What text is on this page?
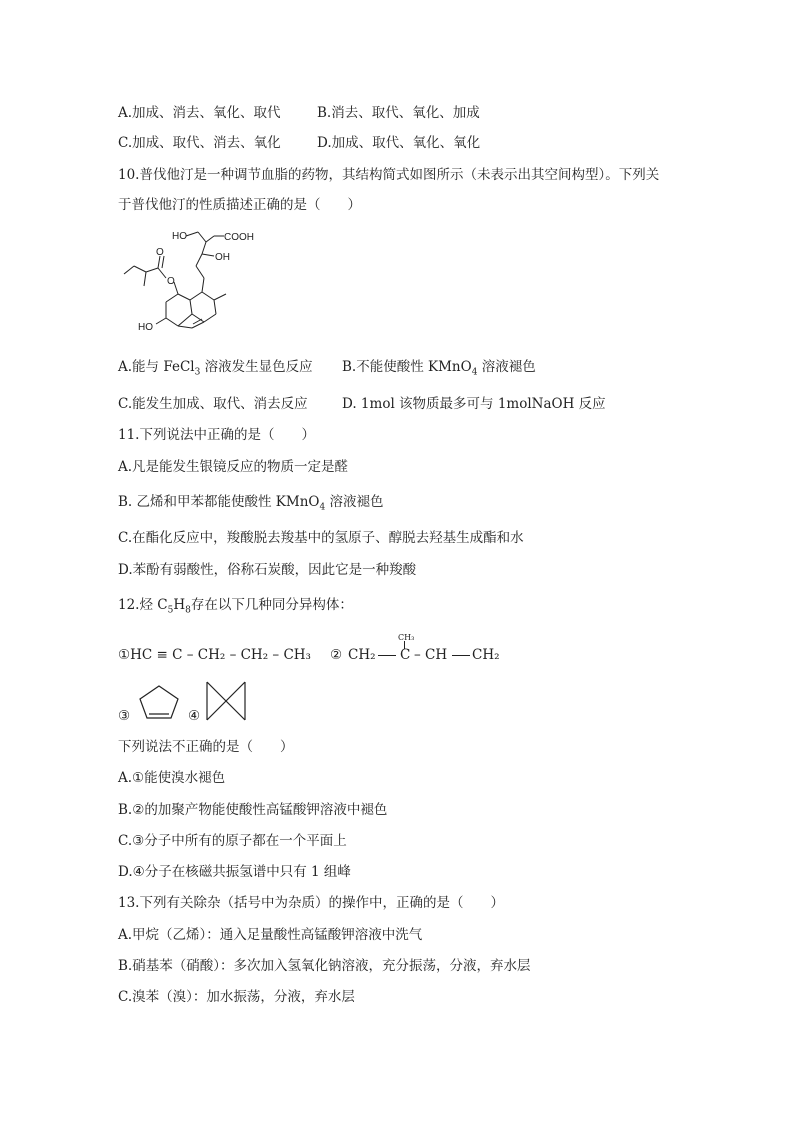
A.加成、消去、氧化、取代	B.消去、取代、氧化、加成
C.加成、取代、消去、氧化	D.加成、取代、氧化、氧化
10.普伐他汀是一种调节血脂的药物，其结构简式如图所示（未表示出其空间构型）。下列关
于普伐他汀的性质描述正确的是（　　）
HO	COOH
OH
O
O
HO
A.能与 FeCl$_3$ 溶液发生显色反应 B.不能使酸性 KMnO$_4$ 溶液褪色
C.能发生加成、取代、消去反应	D. 1mol 该物质最多可与 1molNaOH 反应
11.下列说法中正确的是（　　）
A.凡是能发生银镜反应的物质一定是醛
B. 乙烯和甲苯都能使酸性 KMnO$_4$ 溶液褪色
C.在酯化反应中，羧酸脱去羧基中的氢原子、醇脱去羟基生成酯和水
D.苯酚有弱酸性，俗称石炭酸，因此它是一种羧酸
12.烃 $C_5H_8$存在以下几种同分异构体：
①HC ≡ C – CH₂ – CH₂ – CH₃ ② CH₂
CH₃
C – CH CH₂
③	④
下列说法不正确的是（　　）
A.①能使溴水褪色
B.②的加聚产物能使酸性高锰酸钾溶液中褪色
C.③分子中所有的原子都在一个平面上
D.④分子在核磁共振氢谱中只有 1 组峰
13.下列有关除杂（括号中为杂质）的操作中，正确的是（　　）
A.甲烷（乙烯）：通入足量酸性高锰酸钾溶液中洗气
B.硝基苯（硝酸）：多次加入氢氧化钠溶液，充分振荡，分液，弃水层
C.溴苯（溴）：加水振荡，分液，弃水层
